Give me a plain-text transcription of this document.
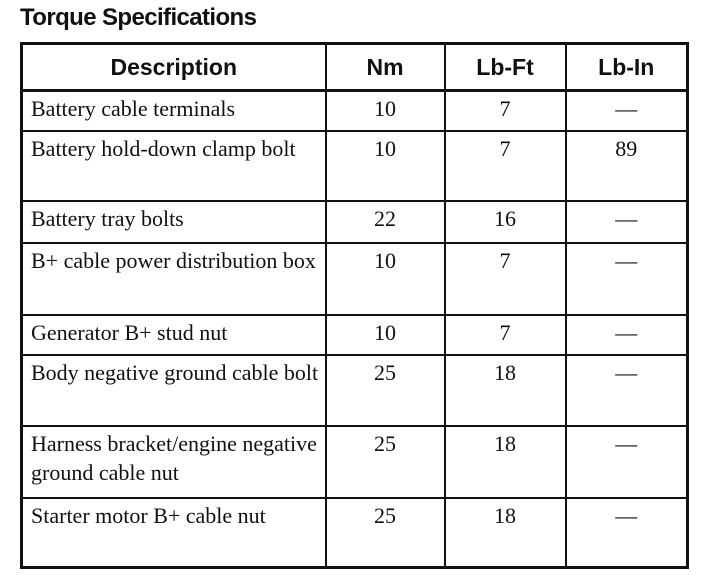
Torque Specifications
Description	Nm	Lb-Ft	Lb-In
Battery cable terminals	10	7	—
Battery hold-down clamp bolt	10	7	89
Battery tray bolts	22	16	—
B+ cable power distribution box	10	7	—
Generator B+ stud nut	10	7	—
Body negative ground cable bolt	25	18	—
Harness bracket/engine negative ground cable nut	25	18	—
Starter motor B+ cable nut	25	18	—
